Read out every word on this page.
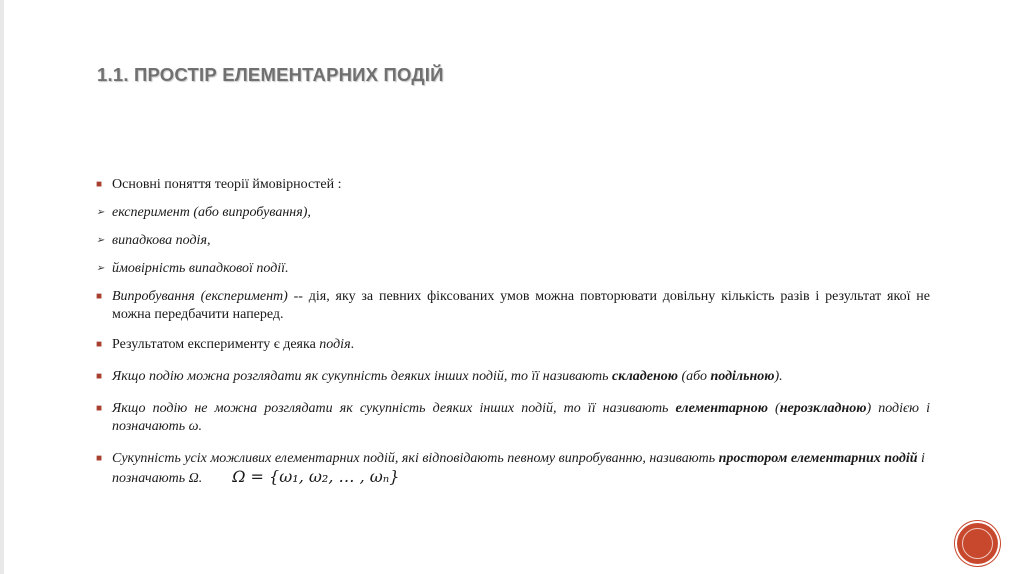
1.1. ПРОСТІР ЕЛЕМЕНТАРНИХ ПОДІЙ
■ Основні поняття теорії ймовірностей :
➢ експеримент (або випробування),
➢ випадкова подія,
➢ ймовірність випадкової події.
■ Випробування (експеримент) -- дія, яку за певних фіксованих умов можна повторювати довільну кількість разів і результат якої не можна передбачити наперед.
■ Результатом експерименту є деяка подія.
■ Якщо подію можна розглядати як сукупність деяких інших подій, то її називають складеною (або подільною).
■ Якщо подію не можна розглядати як сукупність деяких інших подій, то її називають елементарною (нерозкладною) подією і позначають ω.
■ Сукупність усіх можливих елементарних подій, які відповідають певному випробуванню, називають простором елементарних подій і позначають Ω. Ω = {ω₁, ω₂, … , ωₙ}
